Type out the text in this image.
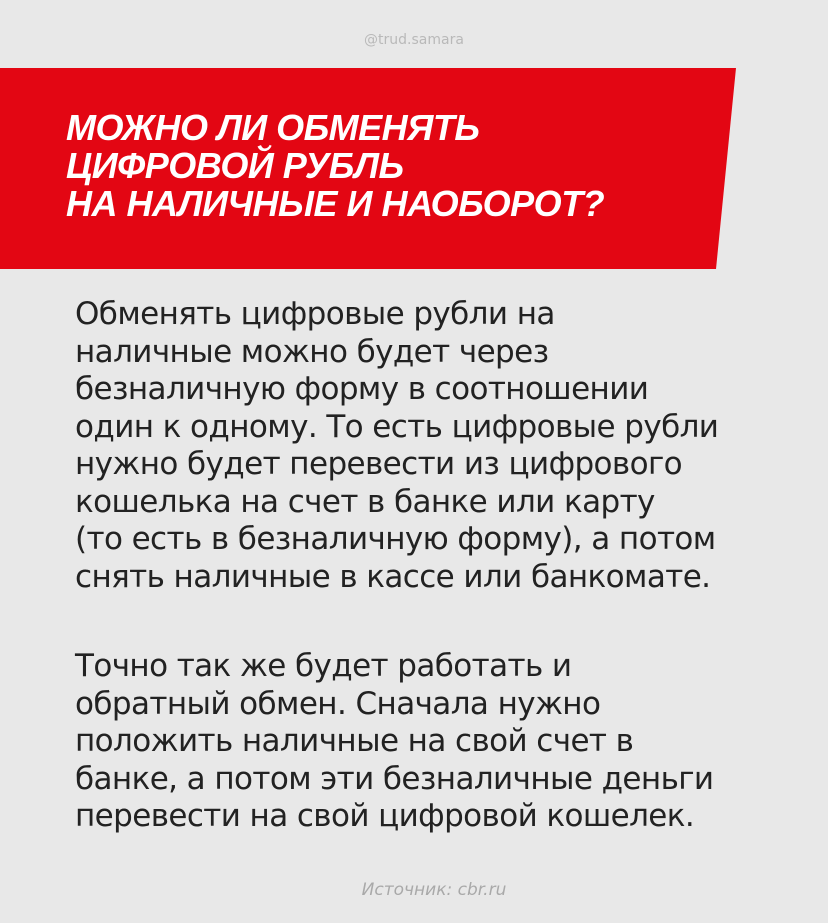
@trud.samara
МОЖНО ЛИ ОБМЕНЯТЬ
ЦИФРОВОЙ РУБЛЬ
НА НАЛИЧНЫЕ И НАОБОРОТ?
Обменять цифровые рубли на
наличные можно будет через
безналичную форму в соотношении
один к одному. То есть цифровые рубли
нужно будет перевести из цифрового
кошелька на счет в банке или карту
(то есть в безналичную форму), а потом
снять наличные в кассе или банкомате.
Точно так же будет работать и
обратный обмен. Сначала нужно
положить наличные на свой счет в
банке, а потом эти безналичные деньги
перевести на свой цифровой кошелек.
Источник: cbr.ru
